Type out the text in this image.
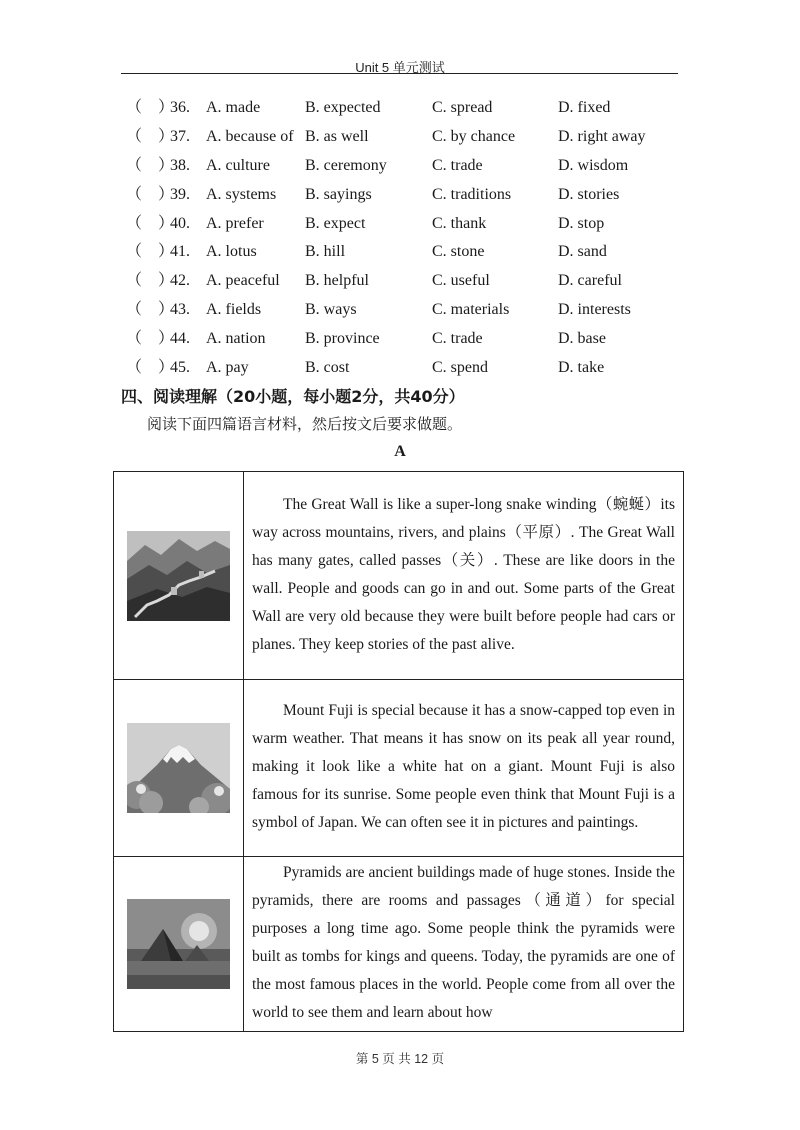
Unit 5 单元测试
（　）
36. A. made	B. expected	C. spread	D. fixed
（　）
37. A. because of B. as well	C. by chance	D. right away
（　）
38. A. culture B. ceremony	C. trade	D. wisdom
（　）
39. A. systems B. sayings	C. traditions	D. stories
（　）
40. A. prefer	B. expect	C. thank	D. stop
（　）
41. A. lotus	B. hill	C. stone	D. sand
（　）
42. A. peaceful B. helpful	C. useful	D. careful
（　）
43. A. fields	B. ways	C. materials	D. interests
（　）
44. A. nation B. province	C. trade	D. base
（　）
45. A. pay	B. cost	C. spend	D. take
四、阅读理解（20小题，每小题2分，共40分）
阅读下面四篇语言材料，然后按文后要求做题。
A

The Great Wall is like a super-long snake winding（蜿蜒）its way across mountains, rivers, and plains（平原）. The Great Wall has many gates, called passes（关）. These are like doors in the wall. People and goods can go in and out. Some parts of the Great Wall are very old because they were built before people had cars or planes. They keep stories of the past alive.

Mount Fuji is special because it has a snow-capped top even in warm weather. That means it has snow on its peak all year round, making it look like a white hat on a giant. Mount Fuji is also famous for its sunrise. Some people even think that Mount Fuji is a symbol of Japan. We can often see it in pictures and paintings.

Pyramids are ancient buildings made of huge stones. Inside the pyramids, there are rooms and passages（通道）for special purposes a long time ago. Some people think the pyramids were built as tombs for kings and queens. Today, the pyramids are one of the most famous places in the world. People come from all over the world to see them and learn about how

第 5 页 共 12 页
